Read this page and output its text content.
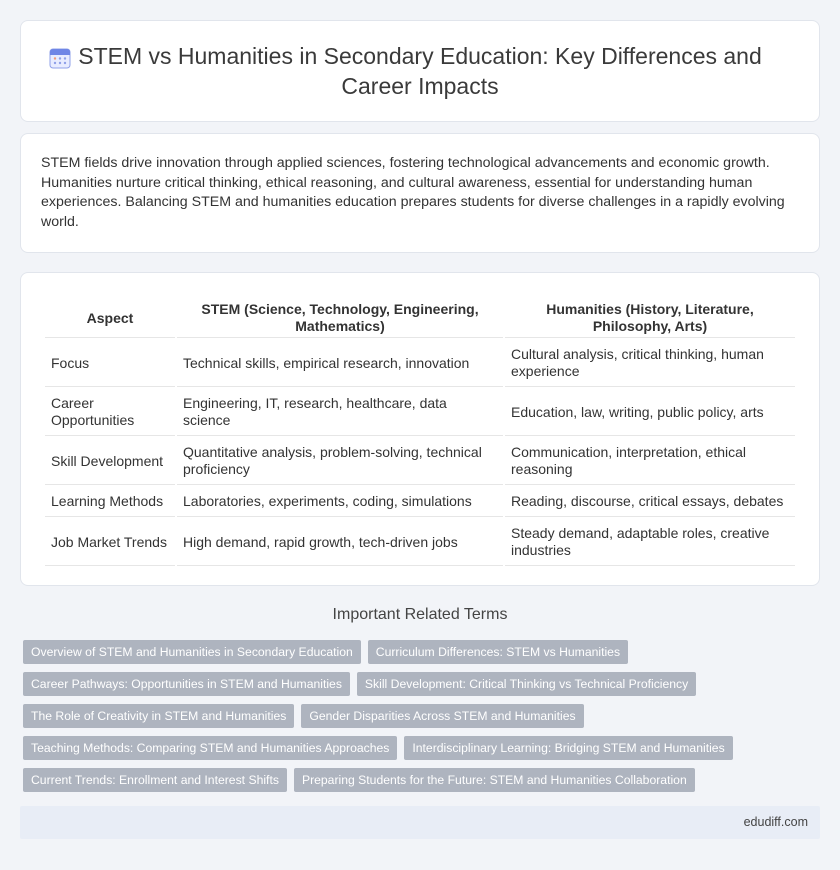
STEM vs Humanities in Secondary Education: Key Differences and Career Impacts

STEM fields drive innovation through applied sciences, fostering technological advancements and economic growth. Humanities nurture critical thinking, ethical reasoning, and cultural awareness, essential for understanding human experiences. Balancing STEM and humanities education prepares students for diverse challenges in a rapidly evolving world.

Aspect	STEM (Science, Technology, Engineering, Mathematics)	Humanities (History, Literature, Philosophy, Arts)
Focus	Technical skills, empirical research, innovation	Cultural analysis, critical thinking, human experience
Career Opportunities	Engineering, IT, research, healthcare, data science	Education, law, writing, public policy, arts
Skill Development	Quantitative analysis, problem-solving, technical proficiency	Communication, interpretation, ethical reasoning
Learning Methods	Laboratories, experiments, coding, simulations	Reading, discourse, critical essays, debates
Job Market Trends	High demand, rapid growth, tech-driven jobs	Steady demand, adaptable roles, creative industries
Important Related Terms
Overview of STEM and Humanities in Secondary Education	Curriculum Differences: STEM vs Humanities
Career Pathways: Opportunities in STEM and Humanities	Skill Development: Critical Thinking vs Technical Proficiency
The Role of Creativity in STEM and Humanities	Gender Disparities Across STEM and Humanities
Teaching Methods: Comparing STEM and Humanities Approaches	Interdisciplinary Learning: Bridging STEM and Humanities
Current Trends: Enrollment and Interest Shifts	Preparing Students for the Future: STEM and Humanities Collaboration
edudiff.com
